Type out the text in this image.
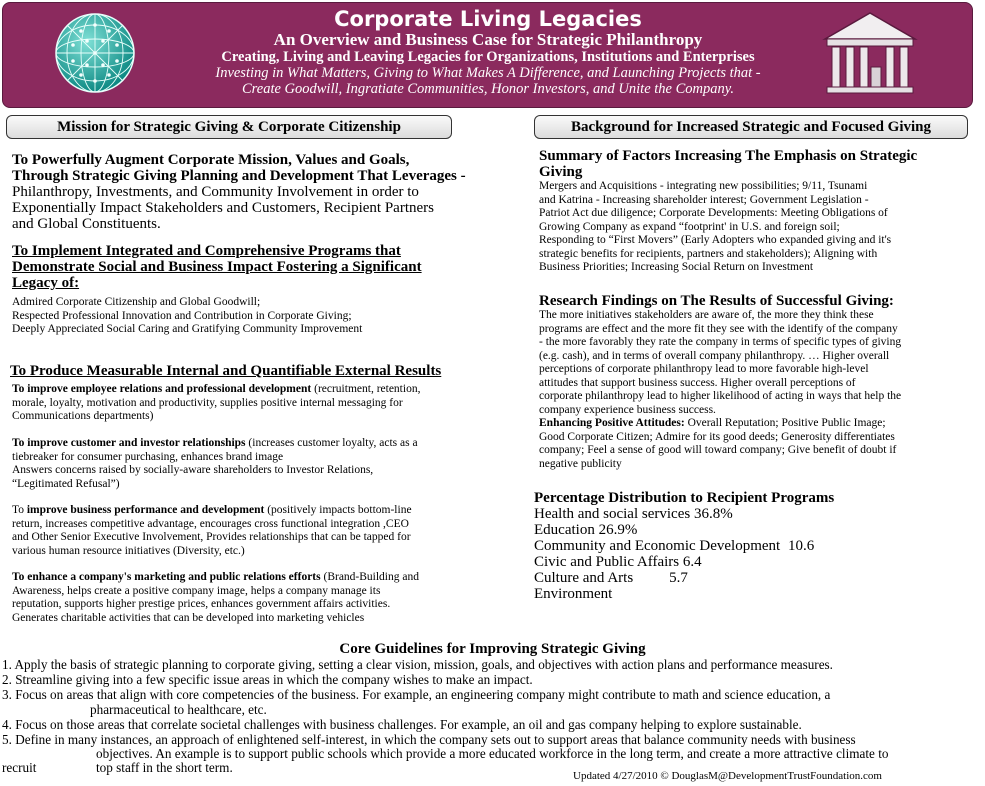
Corporate Living Legacies
An Overview and Business Case for Strategic Philanthropy
Creating, Living and Leaving Legacies for Organizations, Institutions and Enterprises
Investing in What Matters, Giving to What Makes A Difference, and Launching Projects that -
Create Goodwill, Ingratiate Communities, Honor Investors, and Unite the Company.
Mission for Strategic Giving & Corporate Citizenship	Background for Increased Strategic and Focused Giving
To Powerfully Augment Corporate Mission, Values and Goals,
Through Strategic Giving Planning and Development That Leverages -
Philanthropy, Investments, and Community Involvement in order to
Exponentially Impact Stakeholders and Customers, Recipient Partners
and Global Constituents.
To Implement Integrated and Comprehensive Programs that
Demonstrate Social and Business Impact Fostering a Significant
Legacy of:
Admired Corporate Citizenship and Global Goodwill;
Respected Professional Innovation and Contribution in Corporate Giving;
Deeply Appreciated Social Caring and Gratifying Community Improvement
To Produce Measurable Internal and Quantifiable External Results
To improve employee relations and professional development (recruitment, retention,
morale, loyalty, motivation and productivity, supplies positive internal messaging for
Communications departments)
To improve customer and investor relationships (increases customer loyalty, acts as a
tiebreaker for consumer purchasing, enhances brand image
Answers concerns raised by socially-aware shareholders to Investor Relations,
“Legitimated Refusal”)
To improve business performance and development (positively impacts bottom-line
return, increases competitive advantage, encourages cross functional integration ,CEO
and Other Senior Executive Involvement, Provides relationships that can be tapped for
various human resource initiatives (Diversity, etc.)
To enhance a company's marketing and public relations efforts (Brand-Building and
Awareness, helps create a positive company image, helps a company manage its
reputation, supports higher prestige prices, enhances government affairs activities.
Generates charitable activities that can be developed into marketing vehicles
Summary of Factors Increasing The Emphasis on Strategic
Giving
Mergers and Acquisitions - integrating new possibilities; 9/11, Tsunami
and Katrina - Increasing shareholder interest; Government Legislation -
Patriot Act due diligence; Corporate Developments: Meeting Obligations of
Growing Company as expand “footprint' in U.S. and foreign soil;
Responding to “First Movers” (Early Adopters who expanded giving and it's
strategic benefits for recipients, partners and stakeholders); Aligning with
Business Priorities; Increasing Social Return on Investment
Research Findings on The Results of Successful Giving:
The more initiatives stakeholders are aware of, the more they think these
programs are effect and the more fit they see with the identify of the company
- the more favorably they rate the company in terms of specific types of giving
(e.g. cash), and in terms of overall company philanthropy. … Higher overall
perceptions of corporate philanthropy lead to more favorable high-level
attitudes that support business success. Higher overall perceptions of
corporate philanthropy lead to higher likelihood of acting in ways that help the
company experience business success.
Enhancing Positive Attitudes: Overall Reputation; Positive Public Image;
Good Corporate Citizen; Admire for its good deeds; Generosity differentiates
company; Feel a sense of good will toward company; Give benefit of doubt if
negative publicity
Percentage Distribution to Recipient Programs
Health and social services 36.8%
Education 26.9%
Community and Economic Development 10.6
Civic and Public Affairs 6.4
Culture and Arts 5.7
Environment
Core Guidelines for Improving Strategic Giving
1. Apply the basis of strategic planning to corporate giving, setting a clear vision, mission, goals, and objectives with action plans and performance measures.
2. Streamline giving into a few specific issue areas in which the company wishes to make an impact.
3. Focus on areas that align with core competencies of the business. For example, an engineering company might contribute to math and science education, a
pharmaceutical to healthcare, etc.
4. Focus on those areas that correlate societal challenges with business challenges. For example, an oil and gas company helping to explore sustainable.
5. Define in many instances, an approach of enlightened self-interest, in which the company sets out to support areas that balance community needs with business
objectives. An example is to support public schools which provide a more educated workforce in the long term, and create a more attractive climate to
recruit	top staff in the short term.
Updated 4/27/2010 © DouglasM@DevelopmentTrustFoundation.com
